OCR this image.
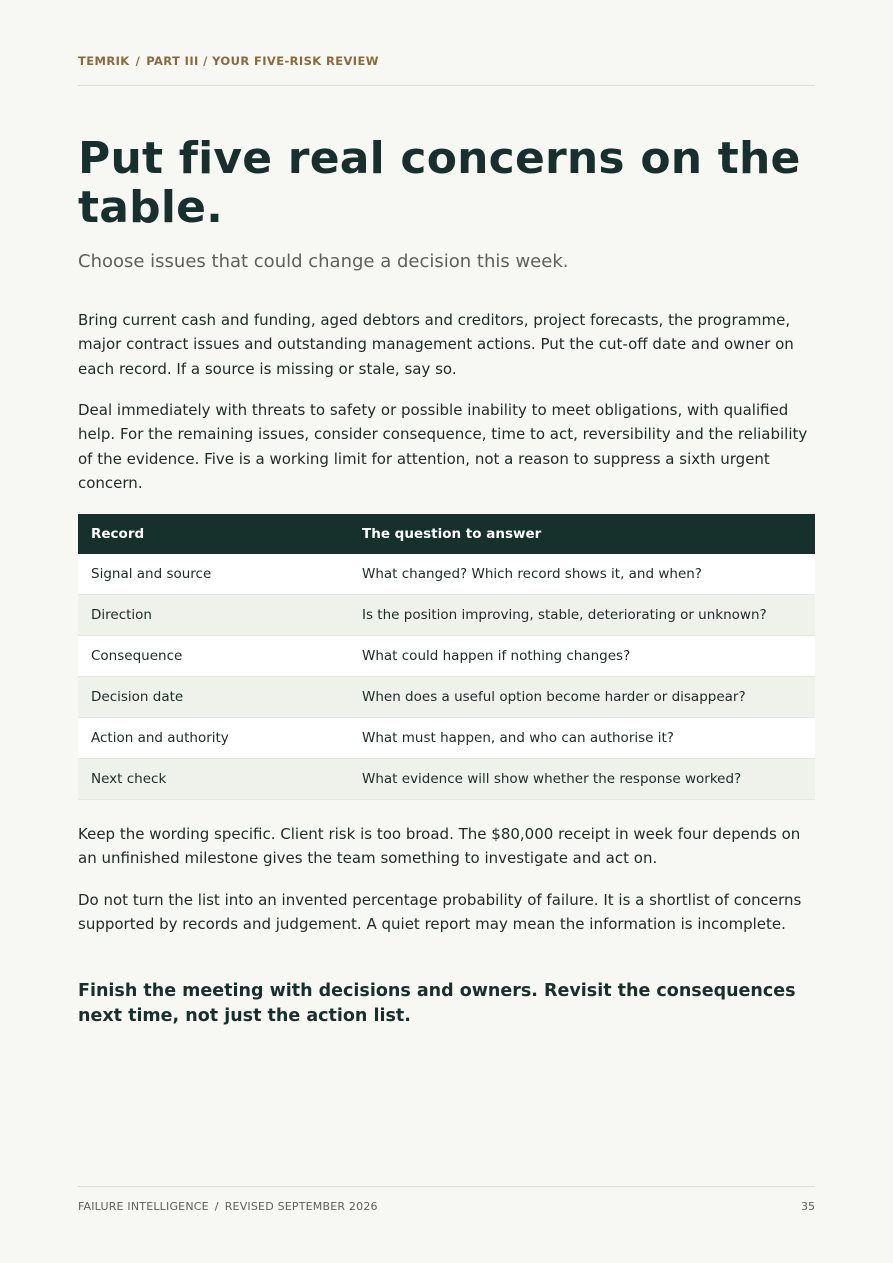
TEMRIK / PART III / YOUR FIVE-RISK REVIEW
Put five real concerns on the table.

Choose issues that could change a decision this week.

Bring current cash and funding, aged debtors and creditors, project forecasts, the programme, major contract issues and outstanding management actions. Put the cut-off date and owner on each record. If a source is missing or stale, say so.

Deal immediately with threats to safety or possible inability to meet obligations, with qualified help. For the remaining issues, consider consequence, time to act, reversibility and the reliability of the evidence. Five is a working limit for attention, not a reason to suppress a sixth urgent concern.

Record	The question to answer
Signal and source	What changed? Which record shows it, and when?
Direction	Is the position improving, stable, deteriorating or unknown?
Consequence	What could happen if nothing changes?
Decision date	When does a useful option become harder or disappear?
Action and authority	What must happen, and who can authorise it?
Next check	What evidence will show whether the response worked?

Keep the wording specific. Client risk is too broad. The $80,000 receipt in week four depends on an unfinished milestone gives the team something to investigate and act on.

Do not turn the list into an invented percentage probability of failure. It is a shortlist of concerns supported by records and judgement. A quiet report may mean the information is incomplete.

Finish the meeting with decisions and owners. Revisit the consequences next time, not just the action list.

FAILURE INTELLIGENCE / REVISED SEPTEMBER 2026	35
